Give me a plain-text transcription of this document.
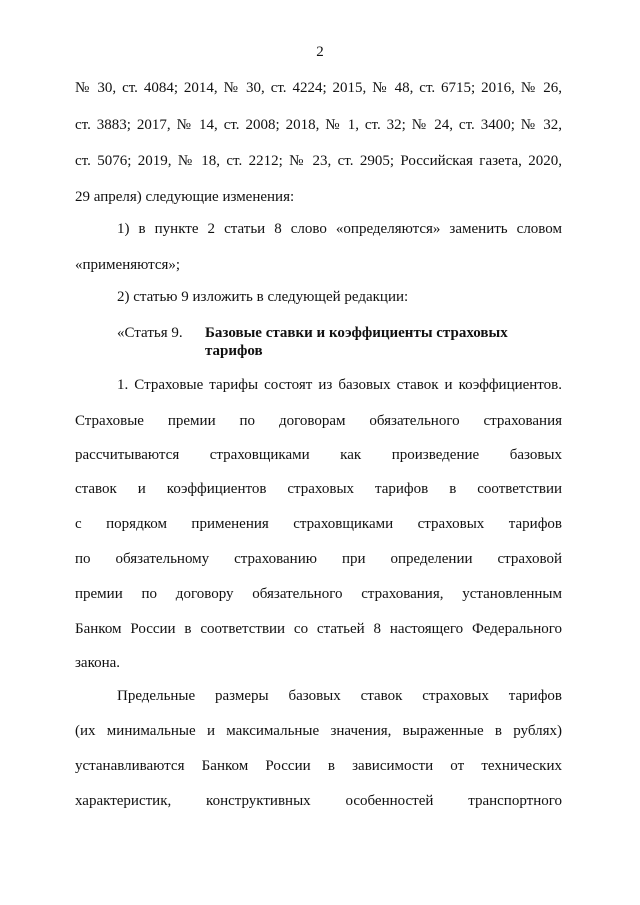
2
№ 30, ст. 4084; 2014, № 30, ст. 4224; 2015, № 48, ст. 6715; 2016, № 26,
ст. 3883; 2017, № 14, ст. 2008; 2018, № 1, ст. 32; № 24, ст. 3400; № 32,
ст. 5076; 2019, № 18, ст. 2212; № 23, ст. 2905; Российская газета, 2020,
29 апреля) следующие изменения:
1) в пункте 2 статьи 8 слово «определяются» заменить словом
«применяются»;
2) статью 9 изложить в следующей редакции:
«Статья 9. Базовые ставки и коэффициенты страховых тарифов
1. Страховые тарифы состоят из базовых ставок и коэффициентов.
Страховые премии по договорам обязательного страхования
рассчитываются страховщиками как произведение базовых
ставок и коэффициентов страховых тарифов в соответствии
с порядком применения страховщиками страховых тарифов
по обязательному страхованию при определении страховой
премии по договору обязательного страхования, установленным
Банком России в соответствии со статьей 8 настоящего Федерального
закона.
Предельные размеры базовых ставок страховых тарифов
(их минимальные и максимальные значения, выраженные в рублях)
устанавливаются Банком России в зависимости от технических
характеристик, конструктивных особенностей транспортного
